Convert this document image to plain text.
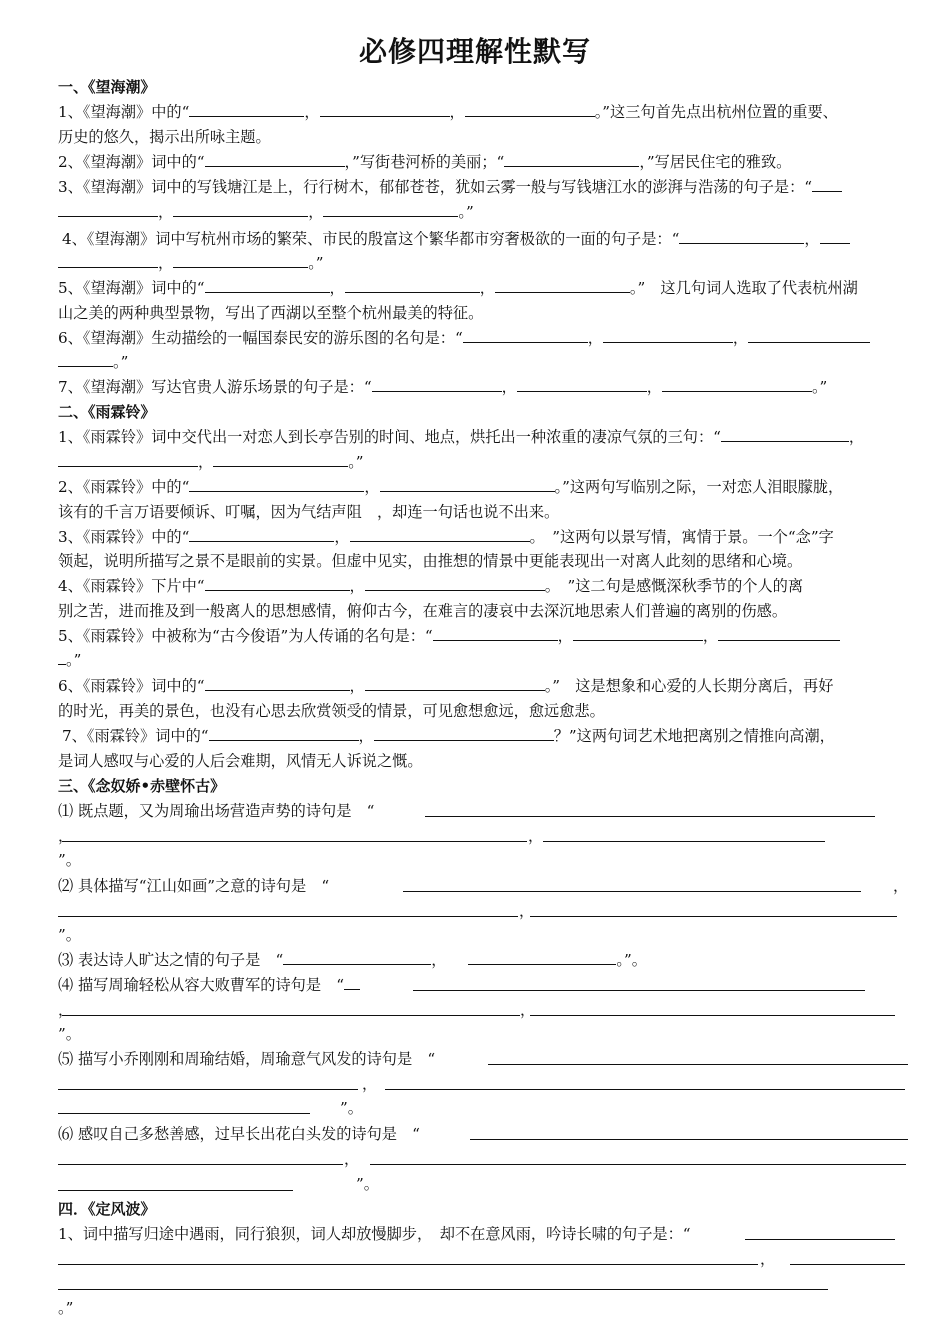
必修四理解性默写
一、《望海潮》
1、《望海潮》中的“	，	，	。”这三句首先点出杭州位置的重要、
历史的悠久，揭示出所咏主题。
2、《望海潮》词中的“	，”写街巷河桥的美丽；“	，”写居民住宅的雅致。
3、《望海潮》词中的写钱塘江是上，行行树木，郁郁苍苍，犹如云雾一般与写钱塘江水的澎湃与浩荡的句子是：“
，	，	。”
4、《望海潮》词中写杭州市场的繁荣、市民的殷富这个繁华都市穷奢极欲的一面的句子是：“	，
，	。”
5、《望海潮》词中的“	，	，	。”　这几句词人选取了代表杭州湖
山之美的两种典型景物，写出了西湖以至整个杭州最美的特征。
6、《望海潮》生动描绘的一幅国泰民安的游乐图的名句是：“	，	，
。”
7、《望海潮》写达官贵人游乐场景的句子是：“	，	，	。”
二、《雨霖铃》
1、《雨霖铃》词中交代出一对恋人到长亭告别的时间、地点，烘托出一种浓重的凄凉气氛的三句：“	，
，	。”
2、《雨霖铃》中的“	，	。”这两句写临别之际，一对恋人泪眼朦胧，
该有的千言万语要倾诉、叮嘱，因为气结声阻　，却连一句话也说不出来。
3、《雨霖铃》中的“	，	。　”这两句以景写情，寓情于景。一个“念”字
领起，说明所描写之景不是眼前的实景。但虚中见实，由推想的情景中更能表现出一对离人此刻的思绪和心境。
4、《雨霖铃》下片中“	，	。　”这二句是感慨深秋季节的个人的离
别之苦，进而推及到一般离人的思想感情，俯仰古今，在难言的凄哀中去深沉地思索人们普遍的离别的伤感。
5、《雨霖铃》中被称为“古今俊语”为人传诵的名句是：“	，	，
。”
6、《雨霖铃》词中的“	，	。”　这是想象和心爱的人长期分离后，再好
的时光，再美的景色，也没有心思去欣赏领受的情景，可见愈想愈远，愈远愈悲。
7、《雨霖铃》词中的“	，	？”这两句词艺术地把离别之情推向高潮，
是词人感叹与心爱的人后会难期，风情无人诉说之慨。
三、《念奴娇•赤壁怀古》
⑴ 既点题，又为周瑜出场营造声势的诗句是　“
，	，
”。
⑵ 具体描写“江山如画”之意的诗句是　“	，
，
”。
⑶ 表达诗人旷达之情的句子是　“	，	。”。
⑷ 描写周瑜轻松从容大败曹军的诗句是　“
，	，
”。
⑸ 描写小乔刚刚和周瑜结婚，周瑜意气风发的诗句是　“
，
”。
⑹ 感叹自己多愁善感，过早长出花白头发的诗句是　“
，
”。
四．《定风波》
1、词中描写归途中遇雨，同行狼狈，词人却放慢脚步，　却不在意风雨，吟诗长啸的句子是：“
，
。”
